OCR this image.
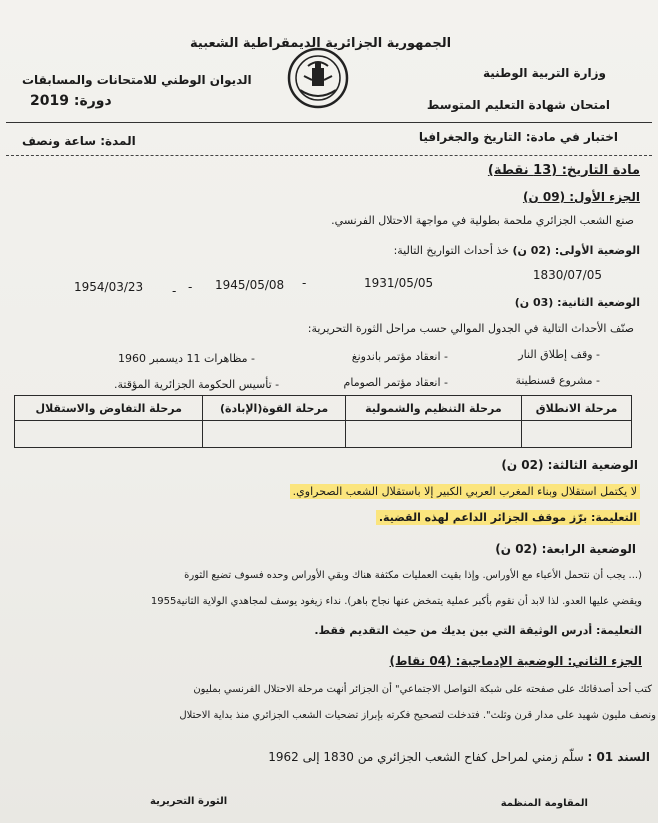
الجمهورية الجزائرية الديمقراطية الشعبية
وزارة التربية الوطنية
الديوان الوطني للامتحانات والمسابقات
امتحان شهادة التعليم المتوسط
دورة: 2019
اختبار في مادة: التاريخ والجغرافيا
المدة: ساعة ونصف
مادة التاريخ: (13 نقطة)
الجزء الأول: (09 ن)
صنع الشعب الجزائري ملحمة بطولية في مواجهة الاحتلال الفرنسي.
الوضعية الأولى: (02 ن) خذ أحداث التواريخ التالية:
1830/07/05
-	1931/05/05
- 1945/05/08
-
1954/03/23
الوضعية الثانية: (03 ن)
صنّف الأحداث التالية في الجدول الموالي حسب مراحل الثورة التحريرية:
- وقف إطلاق النار
- انعقاد مؤتمر باندونغ
- مظاهرات 11 ديسمبر 1960
- مشروع قسنطينة
- انعقاد مؤتمر الصومام
- تأسيس الحكومة الجزائرية المؤقتة.
مرحلة الانطلاق	مرحلة التنظيم والشمولية	مرحلة القوة(الإبادة)	مرحلة التفاوض والاستقلال

الوضعية الثالثة: (02 ن)
لا يكتمل استقلال وبناء المغرب العربي الكبير إلا باستقلال الشعب الصحراوي.
التعليمة: برّز موقف الجزائر الداعم لهذه القضية.
الوضعية الرابعة: (02 ن)
(... يجب أن نتحمل الأعباء مع الأوراس. وإذا بقيت العمليات مكثفة هناك وبقي الأوراس وحده فسوف تضيع الثورة
ويقضي عليها العدو. لذا لابد أن نقوم بأكبر عملية يتمخض عنها نجاح باهر). نداء زيغود يوسف لمجاهدي الولاية الثانية1955
التعليمة: أدرس الوثيقة التي بين يديك من حيث التقديم فقط.
الجزء الثاني: الوضعية الإدماجية: (04 نقاط)
كتب أحد أصدقائك على صفحته على شبكة التواصل الاجتماعي" أن الجزائر أنهت مرحلة الاحتلال الفرنسي بمليون
ونصف مليون شهيد على مدار قرن وثلث". فتدخلت لتصحيح فكرته بإبراز تضحيات الشعب الجزائري منذ بداية الاحتلال
السند 01 : سلّم زمني لمراحل كفاح الشعب الجزائري من 1830 إلى 1962
الثورة التحريرية	المقاومة المنظمة
